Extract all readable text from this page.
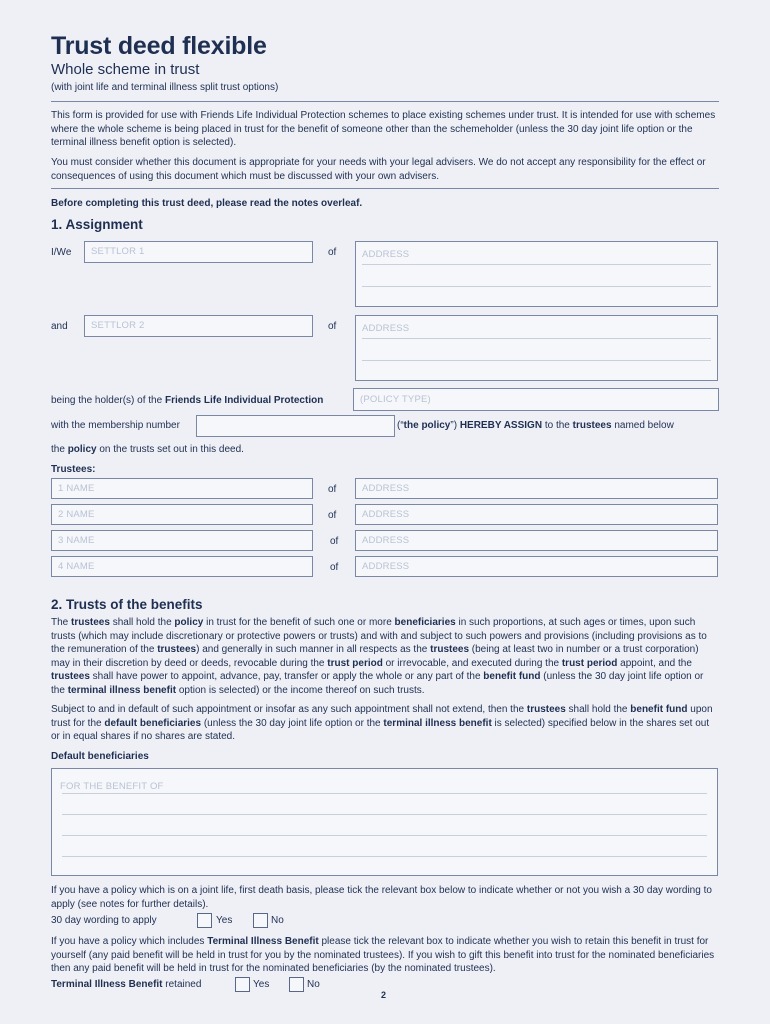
Trust deed flexible
Whole scheme in trust
(with joint life and terminal illness split trust options)
This form is provided for use with Friends Life Individual Protection schemes to place existing schemes under trust. It is intended for use with schemes where the whole scheme is being placed in trust for the benefit of someone other than the schemeholder (unless the 30 day joint life option or the terminal illness benefit option is selected).
You must consider whether this document is appropriate for your needs with your legal advisers. We do not accept any responsibility for the effect or consequences of using this document which must be discussed with your own advisers.
Before completing this trust deed, please read the notes overleaf.
1. Assignment
I/We SETTLOR 1	of	ADDRESS
and SETTLOR 2	of	ADDRESS
being the holder(s) of the Friends Life Individual Protection	(POLICY TYPE)
with the membership number	(“the policy”) HEREBY ASSIGN to the trustees named below
the policy on the trusts set out in this deed.
Trustees:
1 NAME	of	ADDRESS
2 NAME	of	ADDRESS
3 NAME	of ADDRESS
4 NAME	of ADDRESS
2. Trusts of the benefits
The trustees shall hold the policy in trust for the benefit of such one or more beneficiaries in such proportions, at such ages or times, upon such trusts (which may include discretionary or protective powers or trusts) and with and subject to such powers and provisions (including provisions as to the remuneration of the trustees) and generally in such manner in all respects as the trustees (being at least two in number or a trust corporation) may in their discretion by deed or deeds, revocable during the trust period or irrevocable, and executed during the trust period appoint, and the trustees shall have power to appoint, advance, pay, transfer or apply the whole or any part of the benefit fund (unless the 30 day joint life option or the terminal illness benefit option is selected) or the income thereof on such trusts.
Subject to and in default of such appointment or insofar as any such appointment shall not extend, then the trustees shall hold the benefit fund upon trust for the default beneficiaries (unless the 30 day joint life option or the terminal illness benefit is selected) specified below in the shares set out or in equal shares if no shares are stated.
Default beneficiaries
FOR THE BENEFIT OF
If you have a policy which is on a joint life, first death basis, please tick the relevant box below to indicate whether or not you wish a 30 day wording to apply (see notes for further details).
30 day wording to apply	Yes	No
If you have a policy which includes Terminal Illness Benefit please tick the relevant box to indicate whether you wish to retain this benefit in trust for yourself (any paid benefit will be held in trust for you by the nominated trustees). If you wish to gift this benefit into trust for the nominated beneficiaries then any paid benefit will be held in trust for the nominated beneficiaries (by the nominated trustees).
Terminal Illness Benefit retained	Yes	No
2
